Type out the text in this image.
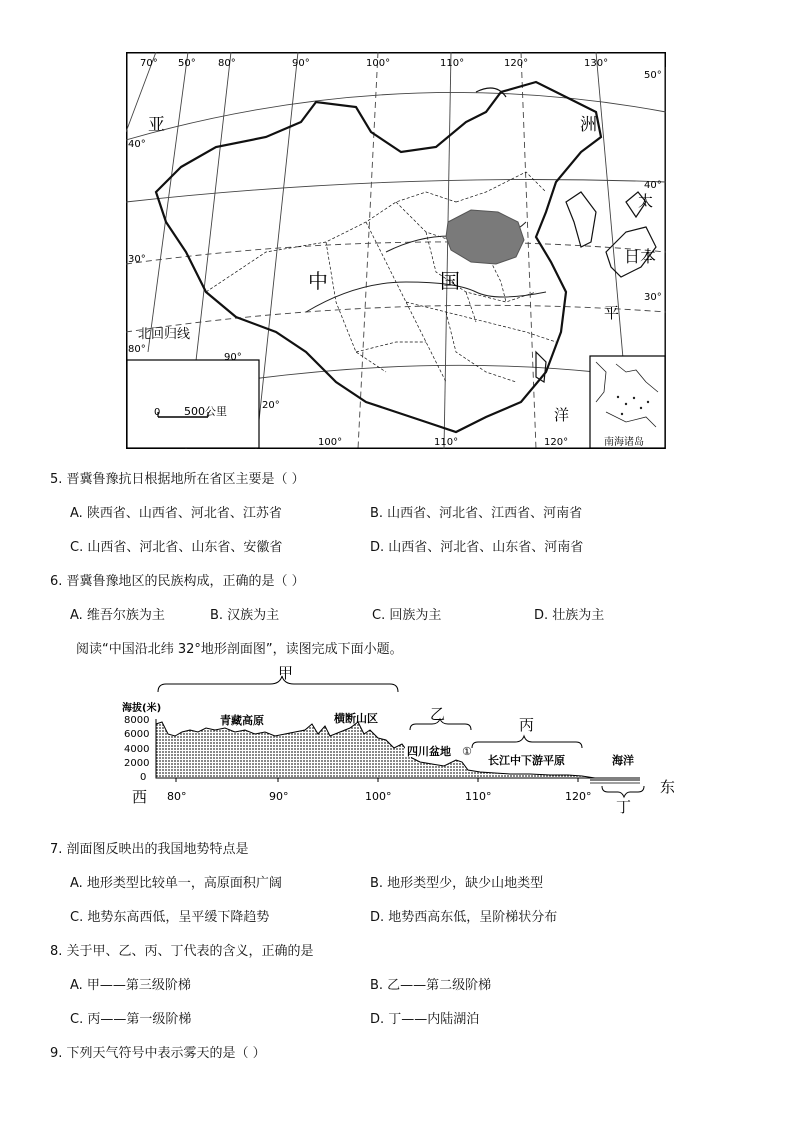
70° 50° 80°	90°	100°	110°	120°	130°
50°
40°
30°
40°
30°
80°
90°
100°	110°	120°
20°
亚	洲
太
平
洋
中	国
日本
北回归线
0 500公里
南海诸岛
5. 晋冀鲁豫抗日根据地所在省区主要是（ ）
A. 陕西省、山西省、河北省、江苏省	B. 山西省、河北省、江西省、河南省
C. 山西省、河北省、山东省、安徽省	D. 山西省、河北省、山东省、河南省
6. 晋冀鲁豫地区的民族构成，正确的是（ ）
A. 维吾尔族为主	B. 汉族为主	C. 回族为主	D. 壮族为主
阅读“中国沿北纬 32°地形剖面图”，读图完成下面小题。
甲
乙
丙
海拔(米)
8000
6000
4000
2000
0
80°	90°	100°	110°	120°
西
东
丁
青藏高原	横断山区
四川盆地 ①
长江中下游平原	海洋
7. 剖面图反映出的我国地势特点是
A. 地形类型比较单一，高原面积广阔	B. 地形类型少，缺少山地类型
C. 地势东高西低，呈平缓下降趋势	D. 地势西高东低，呈阶梯状分布
8. 关于甲、乙、丙、丁代表的含义，正确的是
A. 甲——第三级阶梯	B. 乙——第二级阶梯
C. 丙——第一级阶梯	D. 丁——内陆湖泊
9. 下列天气符号中表示雾天的是（ ）
